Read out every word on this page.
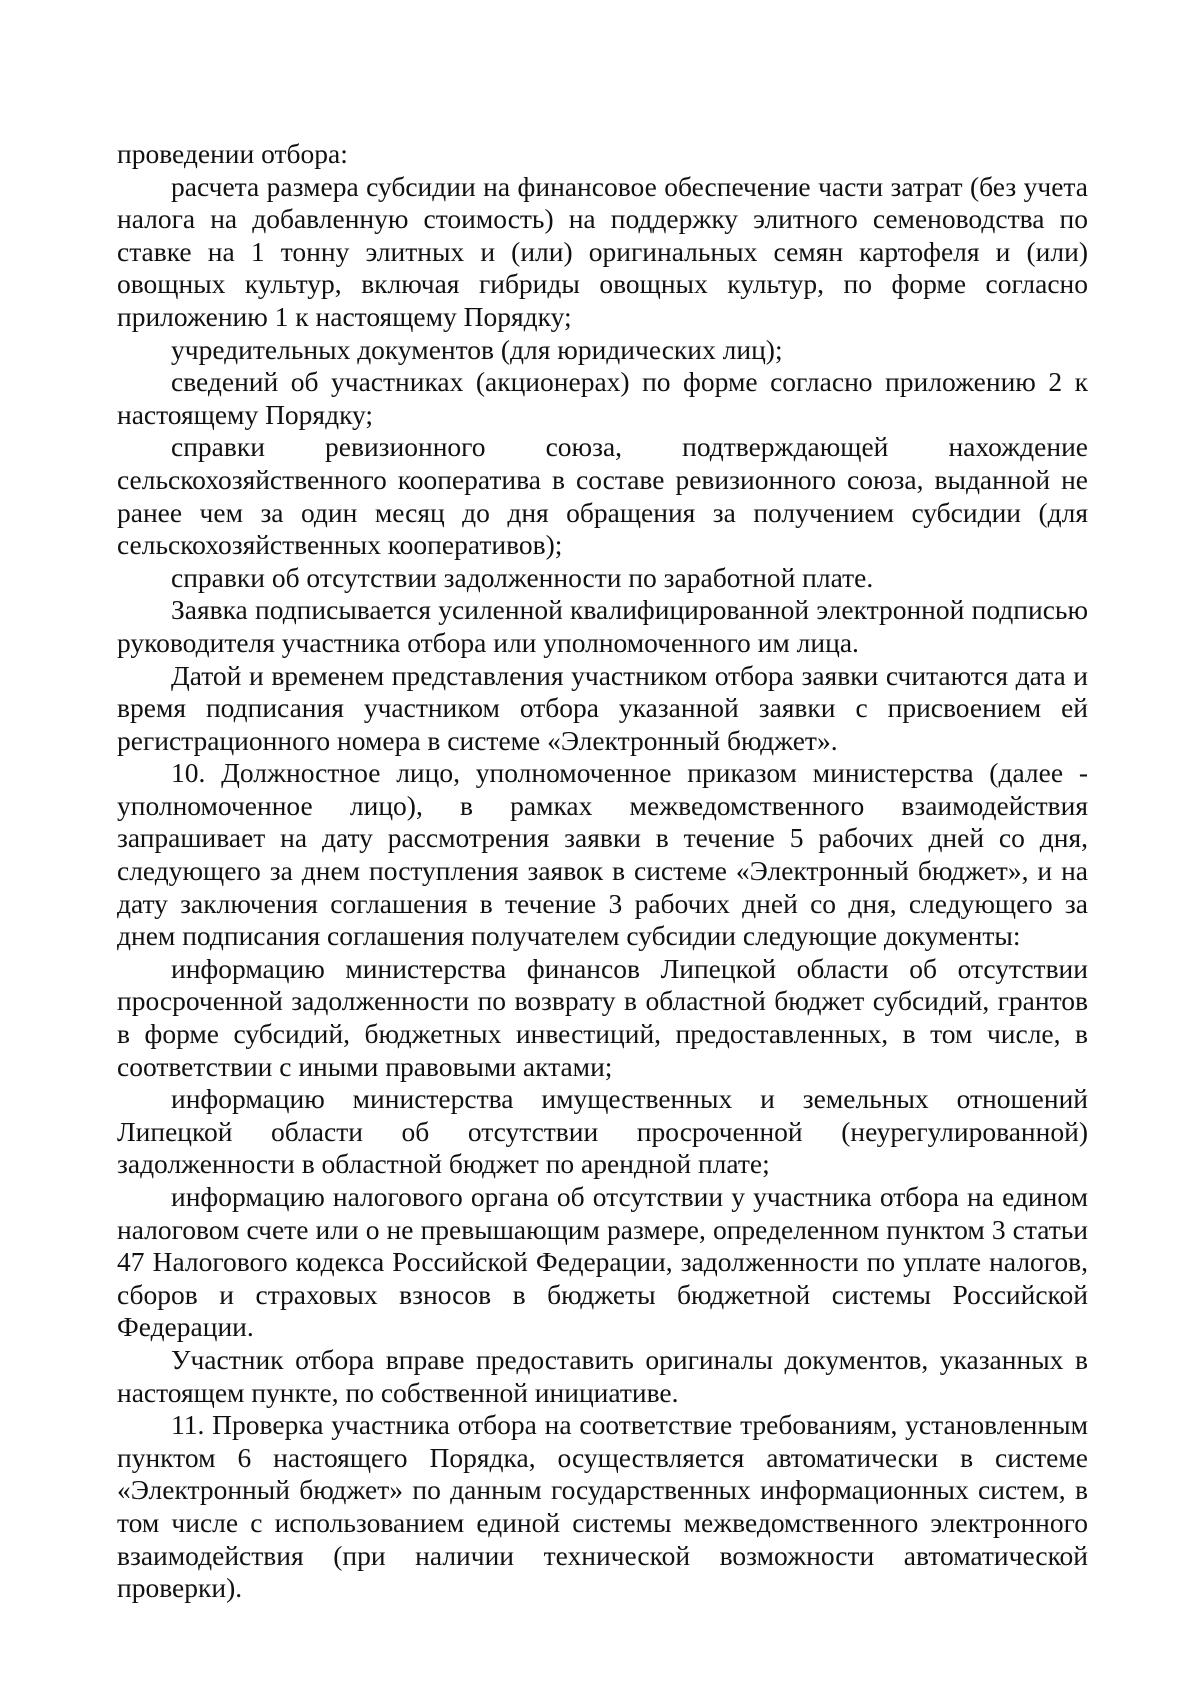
проведении отбора:

расчета размера субсидии на финансовое обеспечение части затрат (без учета налога на добавленную стоимость) на поддержку элитного семеноводства по ставке на 1 тонну элитных и (или) оригинальных семян картофеля и (или) овощных культур, включая гибриды овощных культур, по форме согласно приложению 1 к настоящему Порядку;

учредительных документов (для юридических лиц);

сведений об участниках (акционерах) по форме согласно приложению 2 к настоящему Порядку;

справки ревизионного союза, подтверждающей нахождение сельскохозяйственного кооператива в составе ревизионного союза, выданной не ранее чем за один месяц до дня обращения за получением субсидии (для сельскохозяйственных кооперативов);

справки об отсутствии задолженности по заработной плате.

Заявка подписывается усиленной квалифицированной электронной подписью руководителя участника отбора или уполномоченного им лица.

Датой и временем представления участником отбора заявки считаются дата и время подписания участником отбора указанной заявки с присвоением ей регистрационного номера в системе «Электронный бюджет».

10. Должностное лицо, уполномоченное приказом министерства (далее - уполномоченное лицо), в рамках межведомственного взаимодействия запрашивает на дату рассмотрения заявки в течение 5 рабочих дней со дня, следующего за днем поступления заявок в системе «Электронный бюджет», и на дату заключения соглашения в течение 3 рабочих дней со дня, следующего за днем подписания соглашения получателем субсидии следующие документы:

информацию министерства финансов Липецкой области об отсутствии просроченной задолженности по возврату в областной бюджет субсидий, грантов в форме субсидий, бюджетных инвестиций, предоставленных, в том числе, в соответствии с иными правовыми актами;

информацию министерства имущественных и земельных отношений Липецкой области об отсутствии просроченной (неурегулированной) задолженности в областной бюджет по арендной плате;

информацию налогового органа об отсутствии у участника отбора на едином налоговом счете или о не превышающим размере, определенном пунктом 3 статьи 47 Налогового кодекса Российской Федерации, задолженности по уплате налогов, сборов и страховых взносов в бюджеты бюджетной системы Российской Федерации.

Участник отбора вправе предоставить оригиналы документов, указанных в настоящем пункте, по собственной инициативе.

11. Проверка участника отбора на соответствие требованиям, установленным пунктом 6 настоящего Порядка, осуществляется автоматически в системе «Электронный бюджет» по данным государственных информационных систем, в том числе с использованием единой системы межведомственного электронного взаимодействия (при наличии технической возможности автоматической проверки).
